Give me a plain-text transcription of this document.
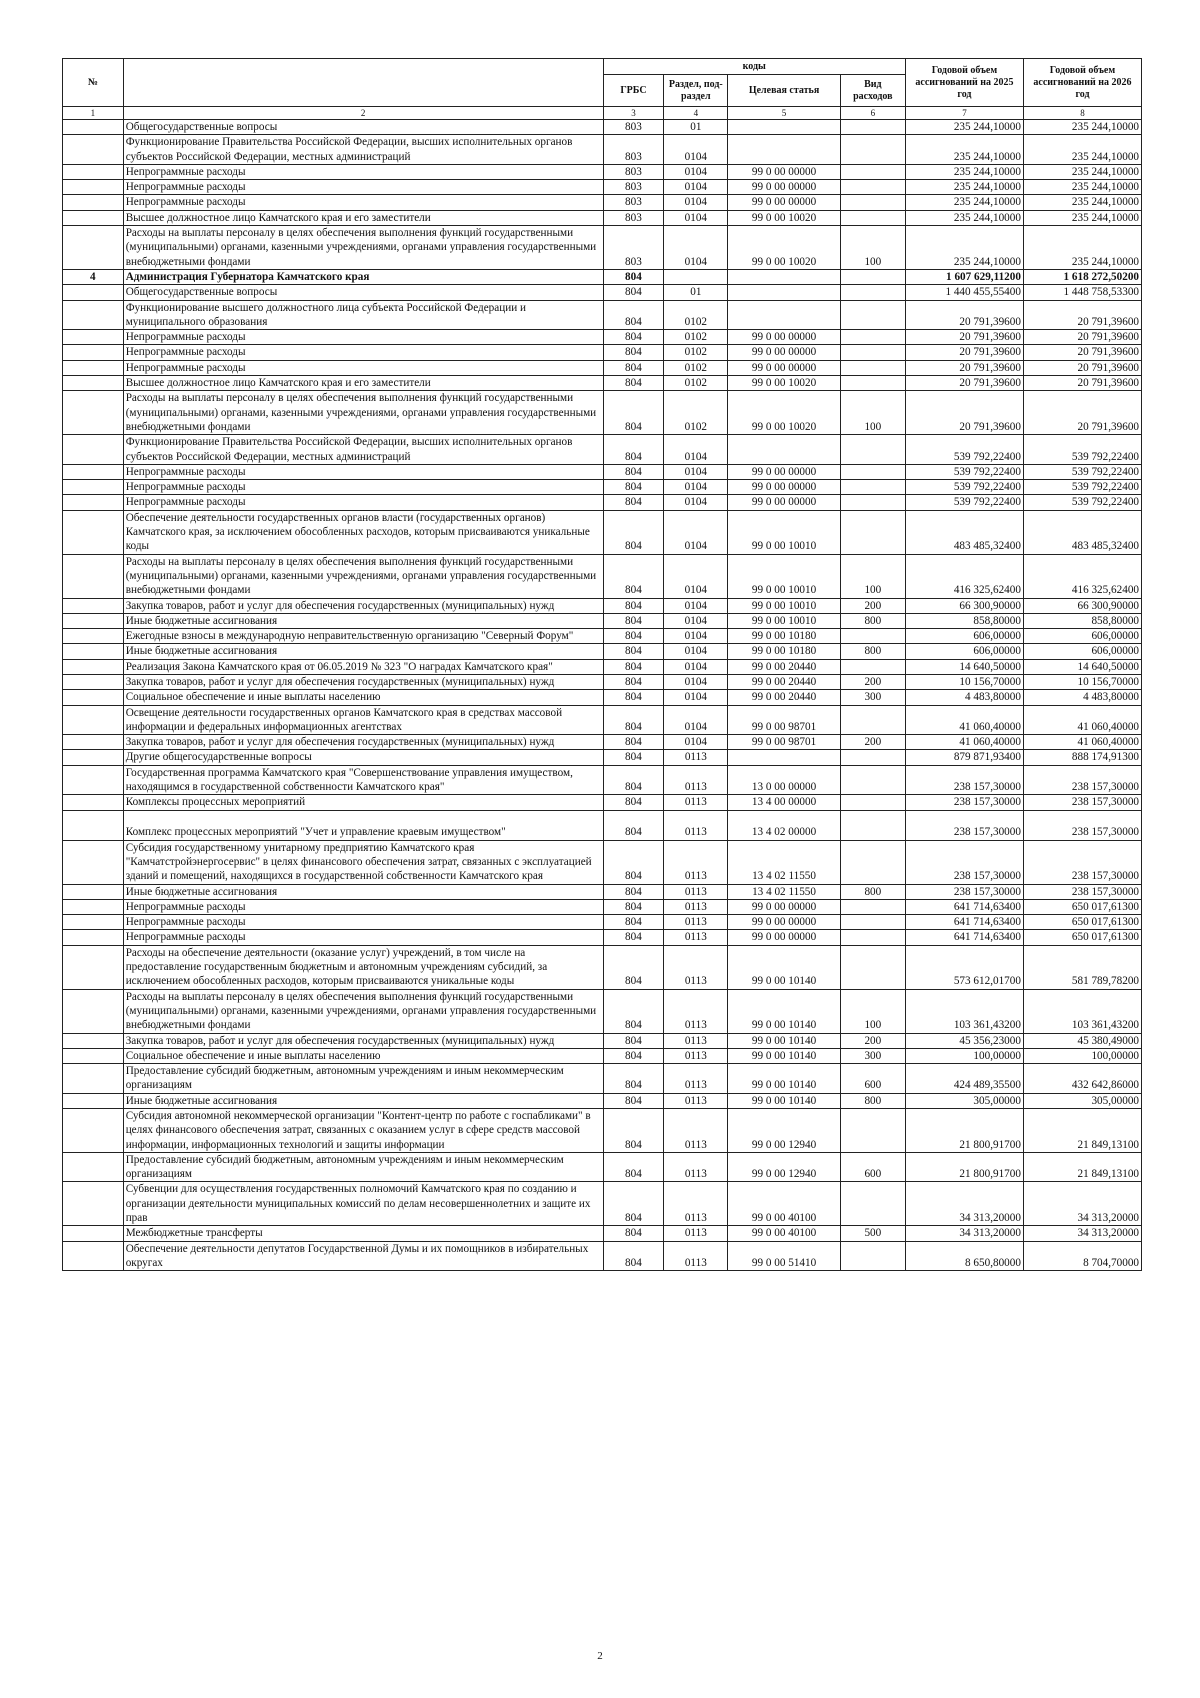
№		коды				Годовой объем ассигнований на 2025 год	Годовой объем ассигнований на 2026 год
		ГРБС	Раздел, под-раздел	Целевая статья	Вид расходов		
1	2	3	4	5	6	7	8
	Общегосударственные вопросы	803	01			235 244,10000	235 244,10000
	Функционирование Правительства Российской Федерации, высших исполнительных органов субъектов Российской Федерации, местных администраций	803	0104			235 244,10000	235 244,10000
	Непрограммные расходы	803	0104	99 0 00 00000		235 244,10000	235 244,10000
	Непрограммные расходы	803	0104	99 0 00 00000		235 244,10000	235 244,10000
	Непрограммные расходы	803	0104	99 0 00 00000		235 244,10000	235 244,10000
	Высшее должностное лицо Камчатского края и его заместители	803	0104	99 0 00 10020		235 244,10000	235 244,10000
	Расходы на выплаты персоналу в целях обеспечения выполнения функций государственными (муниципальными) органами, казенными учреждениями, органами управления государственными внебюджетными фондами	803	0104	99 0 00 10020	100	235 244,10000	235 244,10000
4	Администрация Губернатора Камчатского края	804				1 607 629,11200	1 618 272,50200
	Общегосударственные вопросы	804	01			1 440 455,55400	1 448 758,53300
	Функционирование высшего должностного лица субъекта Российской Федерации и муниципального образования	804	0102			20 791,39600	20 791,39600
	Непрограммные расходы	804	0102	99 0 00 00000		20 791,39600	20 791,39600
	Непрограммные расходы	804	0102	99 0 00 00000		20 791,39600	20 791,39600
	Непрограммные расходы	804	0102	99 0 00 00000		20 791,39600	20 791,39600
	Высшее должностное лицо Камчатского края и его заместители	804	0102	99 0 00 10020		20 791,39600	20 791,39600
	Расходы на выплаты персоналу в целях обеспечения выполнения функций государственными (муниципальными) органами, казенными учреждениями, органами управления государственными внебюджетными фондами	804	0102	99 0 00 10020	100	20 791,39600	20 791,39600
	Функционирование Правительства Российской Федерации, высших исполнительных органов субъектов Российской Федерации, местных администраций	804	0104			539 792,22400	539 792,22400
	Непрограммные расходы	804	0104	99 0 00 00000		539 792,22400	539 792,22400
	Непрограммные расходы	804	0104	99 0 00 00000		539 792,22400	539 792,22400
	Непрограммные расходы	804	0104	99 0 00 00000		539 792,22400	539 792,22400
	Обеспечение деятельности государственных органов власти (государственных органов) Камчатского края, за исключением обособленных расходов, которым присваиваются уникальные коды	804	0104	99 0 00 10010		483 485,32400	483 485,32400
	Расходы на выплаты персоналу в целях обеспечения выполнения функций государственными (муниципальными) органами, казенными учреждениями, органами управления государственными внебюджетными фондами	804	0104	99 0 00 10010	100	416 325,62400	416 325,62400
	Закупка товаров, работ и услуг для обеспечения государственных (муниципальных) нужд	804	0104	99 0 00 10010	200	66 300,90000	66 300,90000
	Иные бюджетные ассигнования	804	0104	99 0 00 10010	800	858,80000	858,80000
	Ежегодные взносы в международную неправительственную организацию "Северный Форум"	804	0104	99 0 00 10180		606,00000	606,00000
	Иные бюджетные ассигнования	804	0104	99 0 00 10180	800	606,00000	606,00000
	Реализация Закона Камчатского края от 06.05.2019 № 323 "О наградах Камчатского края"	804	0104	99 0 00 20440		14 640,50000	14 640,50000
	Закупка товаров, работ и услуг для обеспечения государственных (муниципальных) нужд	804	0104	99 0 00 20440	200	10 156,70000	10 156,70000
	Социальное обеспечение и иные выплаты населению	804	0104	99 0 00 20440	300	4 483,80000	4 483,80000
	Освещение деятельности государственных органов Камчатского края в средствах массовой информации и федеральных информационных агентствах	804	0104	99 0 00 98701		41 060,40000	41 060,40000
	Закупка товаров, работ и услуг для обеспечения государственных (муниципальных) нужд	804	0104	99 0 00 98701	200	41 060,40000	41 060,40000
	Другие общегосударственные вопросы	804	0113			879 871,93400	888 174,91300
	Государственная программа Камчатского края "Совершенствование управления имуществом, находящимся в государственной собственности Камчатского края"	804	0113	13 0 00 00000		238 157,30000	238 157,30000
	Комплексы процессных мероприятий	804	0113	13 4 00 00000		238 157,30000	238 157,30000
	Комплекс процессных мероприятий "Учет и управление краевым имуществом"	804	0113	13 4 02 00000		238 157,30000	238 157,30000
	Субсидия государственному унитарному предприятию Камчатского края "Камчатстройэнергосервис" в целях финансового обеспечения затрат, связанных с эксплуатацией зданий и помещений, находящихся в государственной собственности Камчатского края	804	0113	13 4 02 11550		238 157,30000	238 157,30000
	Иные бюджетные ассигнования	804	0113	13 4 02 11550	800	238 157,30000	238 157,30000
	Непрограммные расходы	804	0113	99 0 00 00000		641 714,63400	650 017,61300
	Непрограммные расходы	804	0113	99 0 00 00000		641 714,63400	650 017,61300
	Непрограммные расходы	804	0113	99 0 00 00000		641 714,63400	650 017,61300
	Расходы на обеспечение деятельности (оказание услуг) учреждений, в том числе на предоставление государственным бюджетным и автономным учреждениям субсидий, за исключением обособленных расходов, которым присваиваются уникальные коды	804	0113	99 0 00 10140		573 612,01700	581 789,78200
	Расходы на выплаты персоналу в целях обеспечения выполнения функций государственными (муниципальными) органами, казенными учреждениями, органами управления государственными внебюджетными фондами	804	0113	99 0 00 10140	100	103 361,43200	103 361,43200
	Закупка товаров, работ и услуг для обеспечения государственных (муниципальных) нужд	804	0113	99 0 00 10140	200	45 356,23000	45 380,49000
	Социальное обеспечение и иные выплаты населению	804	0113	99 0 00 10140	300	100,00000	100,00000
	Предоставление субсидий бюджетным, автономным учреждениям и иным некоммерческим организациям	804	0113	99 0 00 10140	600	424 489,35500	432 642,86000
	Иные бюджетные ассигнования	804	0113	99 0 00 10140	800	305,00000	305,00000
	Субсидия автономной некоммерческой организации "Контент-центр по работе с госпабликами" в целях финансового обеспечения затрат, связанных с оказанием услуг в сфере средств массовой информации, информационных технологий и защиты информации	804	0113	99 0 00 12940		21 800,91700	21 849,13100
	Предоставление субсидий бюджетным, автономным учреждениям и иным некоммерческим организациям	804	0113	99 0 00 12940	600	21 800,91700	21 849,13100
	Субвенции для осуществления государственных полномочий Камчатского края по созданию и организации деятельности муниципальных комиссий по делам несовершеннолетних и защите их прав	804	0113	99 0 00 40100		34 313,20000	34 313,20000
	Межбюджетные трансферты	804	0113	99 0 00 40100	500	34 313,20000	34 313,20000
	Обеспечение деятельности депутатов Государственной Думы и их помощников в избирательных округах	804	0113	99 0 00 51410		8 650,80000	8 704,70000
2
